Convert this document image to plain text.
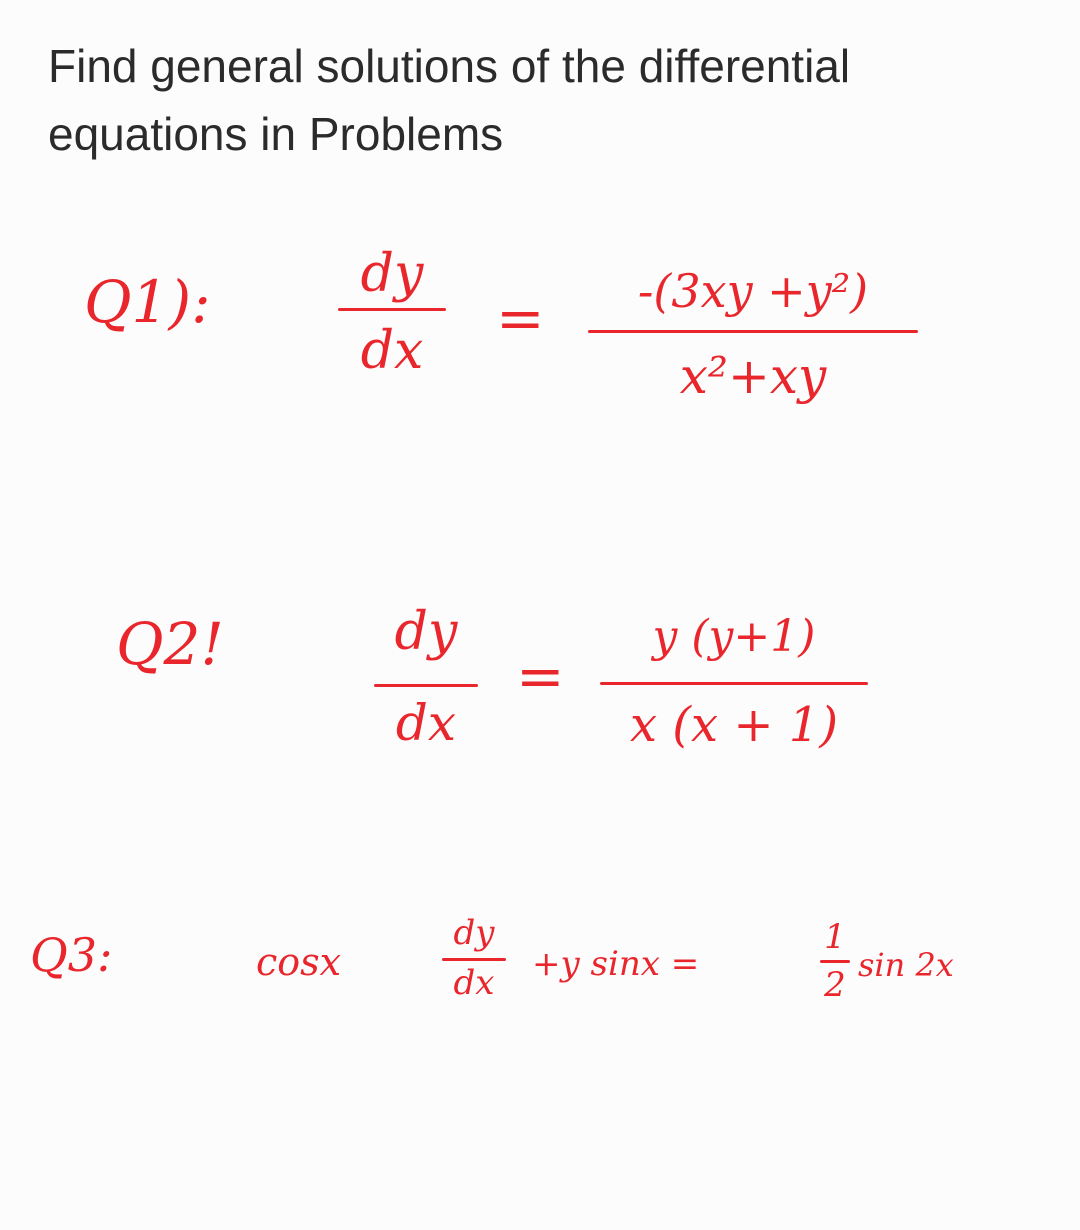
Find general solutions of the differential
equations in Problems
Q1):	dy
dx	=	-(3xy +y²)
x²+xy
Q2!	dy
dx
=
y (y+1)
x (x + 1)
Q3:	cosx
dy
dx	+y sinx =
1
2 sin 2x
